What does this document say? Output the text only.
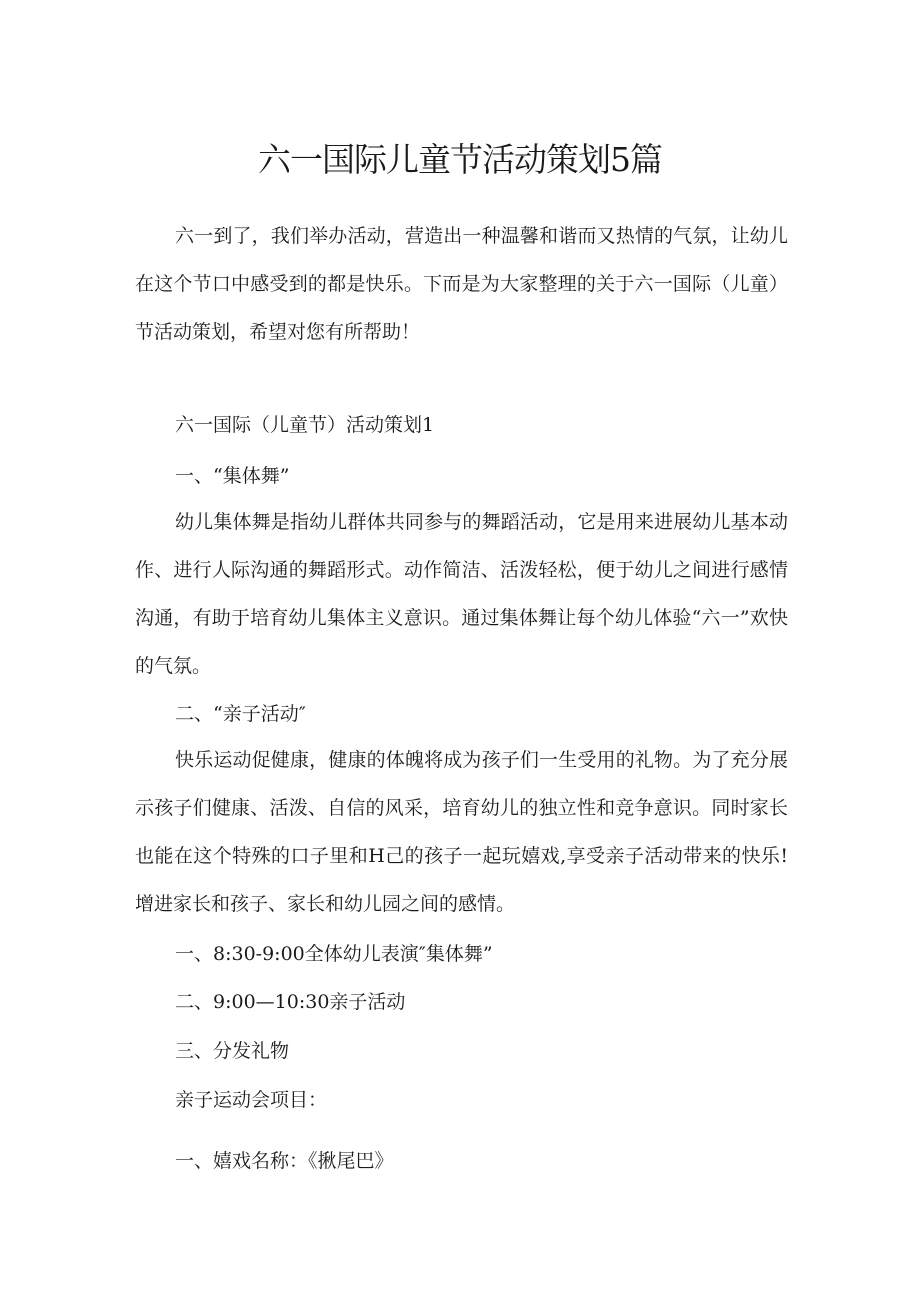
六一国际儿童节活动策划5篇

六一到了，我们举办活动，营造出一种温馨和谐而又热情的气氛，让幼儿在这个节口中感受到的都是快乐。下而是为大家整理的关于六一国际（儿童）节活动策划，希望对您有所帮助！

六一国际（儿童节）活动策划1

一、“集体舞”

幼儿集体舞是指幼儿群体共同参与的舞蹈活动，它是用来进展幼儿基本动作、进行人际沟通的舞蹈形式。动作简洁、活泼轻松，便于幼儿之间进行感情沟通，有助于培育幼儿集体主义意识。通过集体舞让每个幼儿体验“六一”欢快的气氛。

二、“亲子活动″

快乐运动促健康，健康的体魄将成为孩子们一生受用的礼物。为了充分展示孩子们健康、活泼、自信的风采，培育幼儿的独立性和竞争意识。同时家长也能在这个特殊的口子里和H己的孩子一起玩嬉戏,享受亲子活动带来的快乐!增进家长和孩子、家长和幼儿园之间的感情。

一、8:30-9:00全体幼儿表演″集体舞”

二、9:00—10:30亲子活动

三、分发礼物

亲子运动会项目：

一、嬉戏名称：《揪尾巴》
